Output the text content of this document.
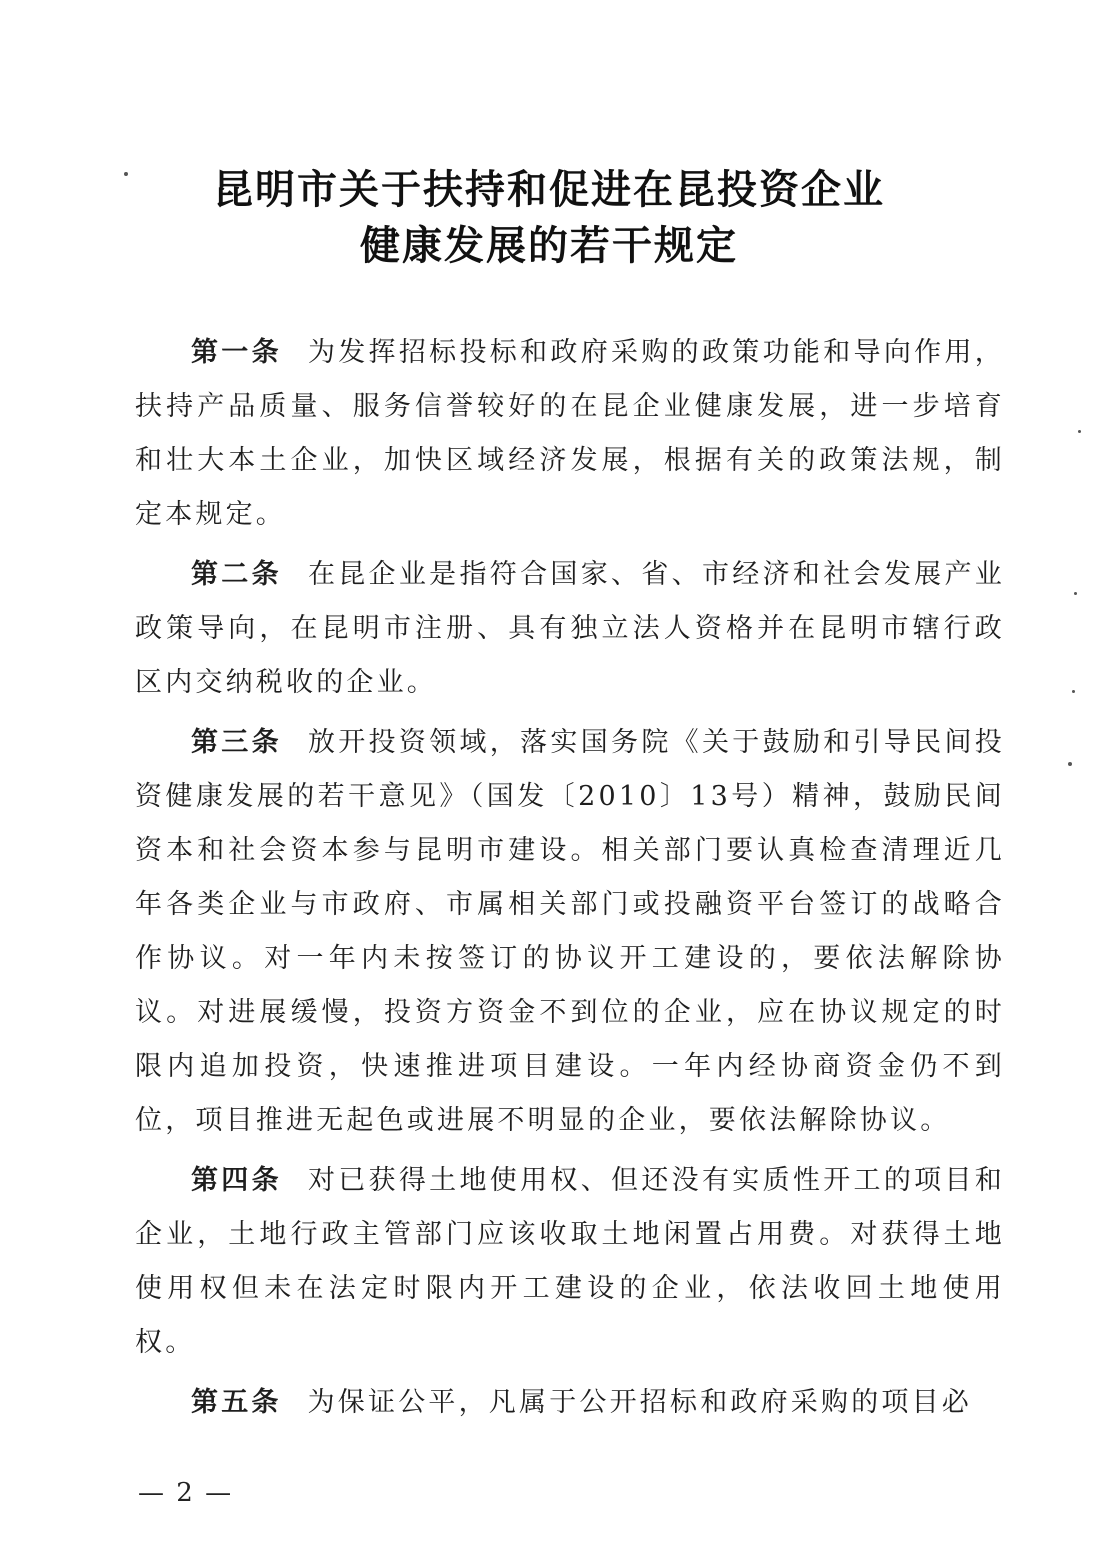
昆明市关于扶持和促进在昆投资企业
健康发展的若干规定

第一条 为发挥招标投标和政府采购的政策功能和导向作用，扶持产品质量、服务信誉较好的在昆企业健康发展，进一步培育和壮大本土企业，加快区域经济发展，根据有关的政策法规，制定本规定。

第二条 在昆企业是指符合国家、省、市经济和社会发展产业政策导向，在昆明市注册、具有独立法人资格并在昆明市辖行政区内交纳税收的企业。

第三条 放开投资领域，落实国务院《关于鼓励和引导民间投资健康发展的若干意见》（国发〔2010〕13号）精神，鼓励民间资本和社会资本参与昆明市建设。相关部门要认真检查清理近几年各类企业与市政府、市属相关部门或投融资平台签订的战略合作协议。对一年内未按签订的协议开工建设的，要依法解除协议。对进展缓慢，投资方资金不到位的企业，应在协议规定的时限内追加投资，快速推进项目建设。一年内经协商资金仍不到位，项目推进无起色或进展不明显的企业，要依法解除协议。

第四条 对已获得土地使用权、但还没有实质性开工的项目和企业，土地行政主管部门应该收取土地闲置占用费。对获得土地使用权但未在法定时限内开工建设的企业，依法收回土地使用权。

第五条 为保证公平，凡属于公开招标和政府采购的项目必

— 2 —
